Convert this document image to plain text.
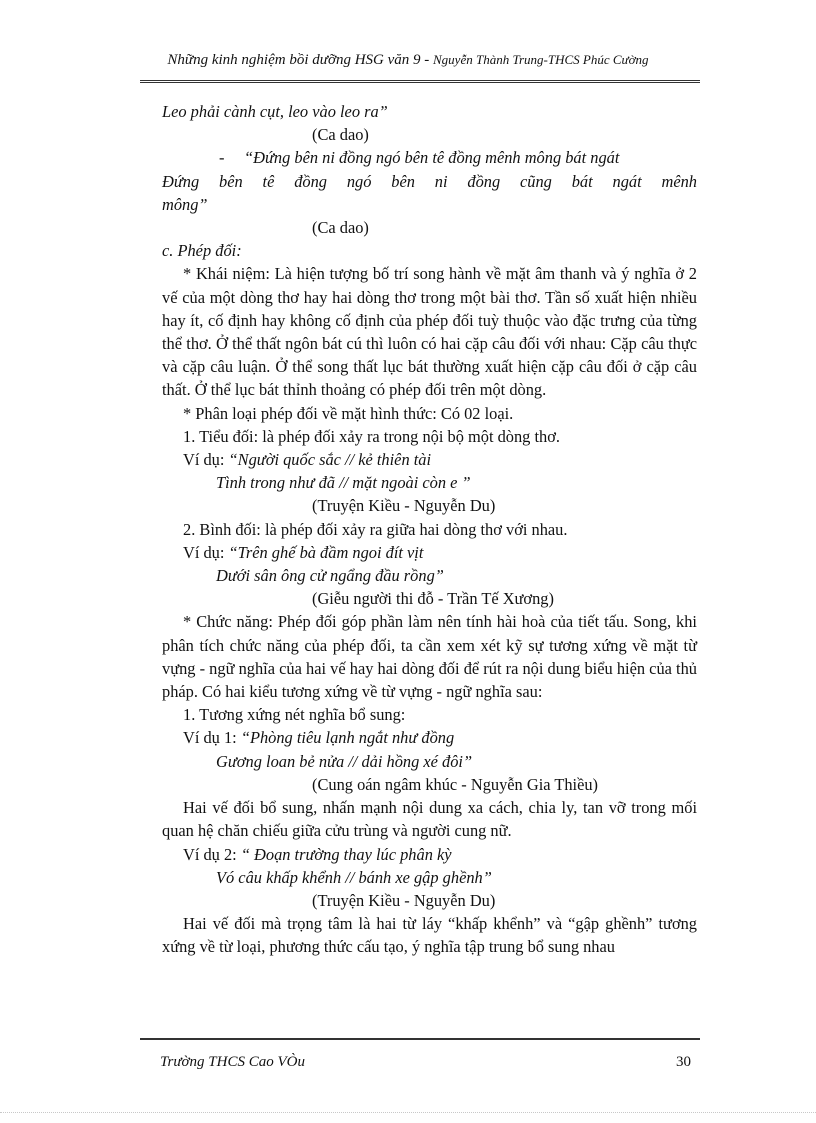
Những kinh nghiệm bồi dưỡng HSG văn 9 - Nguyễn Thành Trung-THCS Phúc Cường

Leo phải cành cụt, leo vào leo ra”

(Ca dao)

-	“Đứng bên ni đồng ngó bên tê đồng mênh mông bát ngát

Đứng bên tê đồng ngó bên ni đồng cũng bát ngát mênh

mông”

(Ca dao)

c. Phép đối:

* Khái niệm: Là hiện tượng bố trí song hành về mặt âm thanh và ý nghĩa ở 2 vế của một dòng thơ hay hai dòng thơ trong một bài thơ. Tần số xuất hiện nhiều hay ít, cố định hay không cố định của phép đối tuỳ thuộc vào đặc trưng của từng thể thơ. Ở thể thất ngôn bát cú thì luôn có hai cặp câu đối với nhau: Cặp câu thực và cặp câu luận. Ở thể song thất lục bát thường xuất hiện cặp câu đối ở cặp câu thất. Ở thể lục bát thỉnh thoảng có phép đối trên một dòng.

* Phân loại phép đối về mặt hình thức: Có 02 loại.

1. Tiểu đối: là phép đối xảy ra trong nội bộ một dòng thơ.

Ví dụ: “Người quốc sắc // kẻ thiên tài

Tình trong như đã // mặt ngoài còn e ”

(Truyện Kiều - Nguyễn Du)

2. Bình đối: là phép đối xảy ra giữa hai dòng thơ với nhau.

Ví dụ: “Trên ghế bà đầm ngoi đít vịt

Dưới sân ông cử ngẩng đầu rồng”

(Giễu người thi đỗ - Trần Tế Xương)

* Chức năng: Phép đối góp phần làm nên tính hài hoà của tiết tấu. Song, khi phân tích chức năng của phép đối, ta cần xem xét kỹ sự tương xứng về mặt từ vựng - ngữ nghĩa của hai vế hay hai dòng đối để rút ra nội dung biểu hiện của thủ pháp. Có hai kiểu tương xứng về từ vựng - ngữ nghĩa sau:

1. Tương xứng nét nghĩa bổ sung:

Ví dụ 1: “Phòng tiêu lạnh ngắt như đồng

Gương loan bẻ nửa // dải hồng xé đôi”

(Cung oán ngâm khúc - Nguyễn Gia Thiều)

Hai vế đối bổ sung, nhấn mạnh nội dung xa cách, chia ly, tan vỡ trong mối quan hệ chăn chiếu giữa cửu trùng và người cung nữ.

Ví dụ 2: “ Đoạn trường thay lúc phân kỳ

Vó câu khấp khểnh // bánh xe gập ghềnh”

(Truyện Kiều - Nguyễn Du)

Hai vế đối mà trọng tâm là hai từ láy “khấp khểnh” và “gập ghềnh” tương xứng về từ loại, phương thức cấu tạo, ý nghĩa tập trung bổ sung nhau

Trường THCS Cao VÒu	30
